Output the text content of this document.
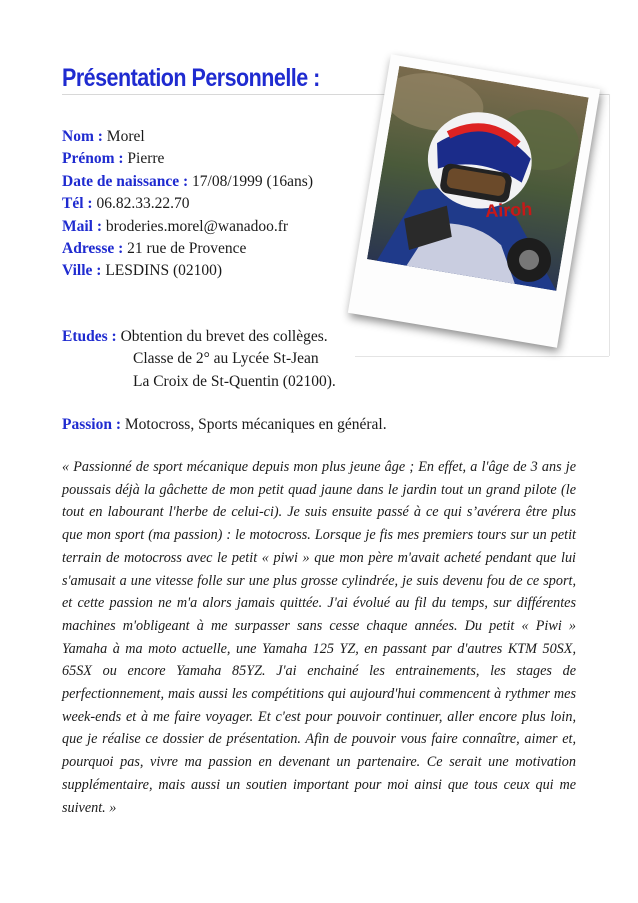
Présentation Personnelle :
Airoh
Nom : Morel
Prénom : Pierre
Date de naissance : 17/08/1999 (16ans)
Tél : 06.82.33.22.70
Mail : broderies.morel@wanadoo.fr
Adresse : 21 rue de Provence
Ville : LESDINS (02100)
Etudes : Obtention du brevet des collèges.
Classe de 2° au Lycée St-Jean
La Croix de St-Quentin (02100).
Passion : Motocross, Sports mécaniques en général.
« Passionné de sport mécanique depuis mon plus jeune âge ; En effet, a l'âge de 3 ans je poussais déjà la gâchette de mon petit quad jaune dans le jardin tout un grand pilote (le tout en labourant l'herbe de celui-ci). Je suis ensuite passé à ce qui s’avérera être plus que mon sport (ma passion) : le motocross. Lorsque je fis mes premiers tours sur un petit terrain de motocross avec le petit « piwi » que mon père m'avait acheté pendant que lui s'amusait a une vitesse folle sur une plus grosse cylindrée, je suis devenu fou de ce sport, et cette passion ne m'a alors jamais quittée. J'ai évolué au fil du temps, sur différentes machines m'obligeant à me surpasser sans cesse chaque années. Du petit « Piwi » Yamaha à ma moto actuelle, une Yamaha 125 YZ, en passant par d'autres KTM 50SX, 65SX ou encore Yamaha 85YZ. J'ai enchainé les entrainements, les stages de perfectionnement, mais aussi les compétitions qui aujourd'hui commencent à rythmer mes week-ends et à me faire voyager. Et c'est pour pouvoir continuer, aller encore plus loin, que je réalise ce dossier de présentation. Afin de pouvoir vous faire connaître, aimer et, pourquoi pas, vivre ma passion en devenant un partenaire. Ce serait une motivation supplémentaire, mais aussi un soutien important pour moi ainsi que tous ceux qui me suivent. »
